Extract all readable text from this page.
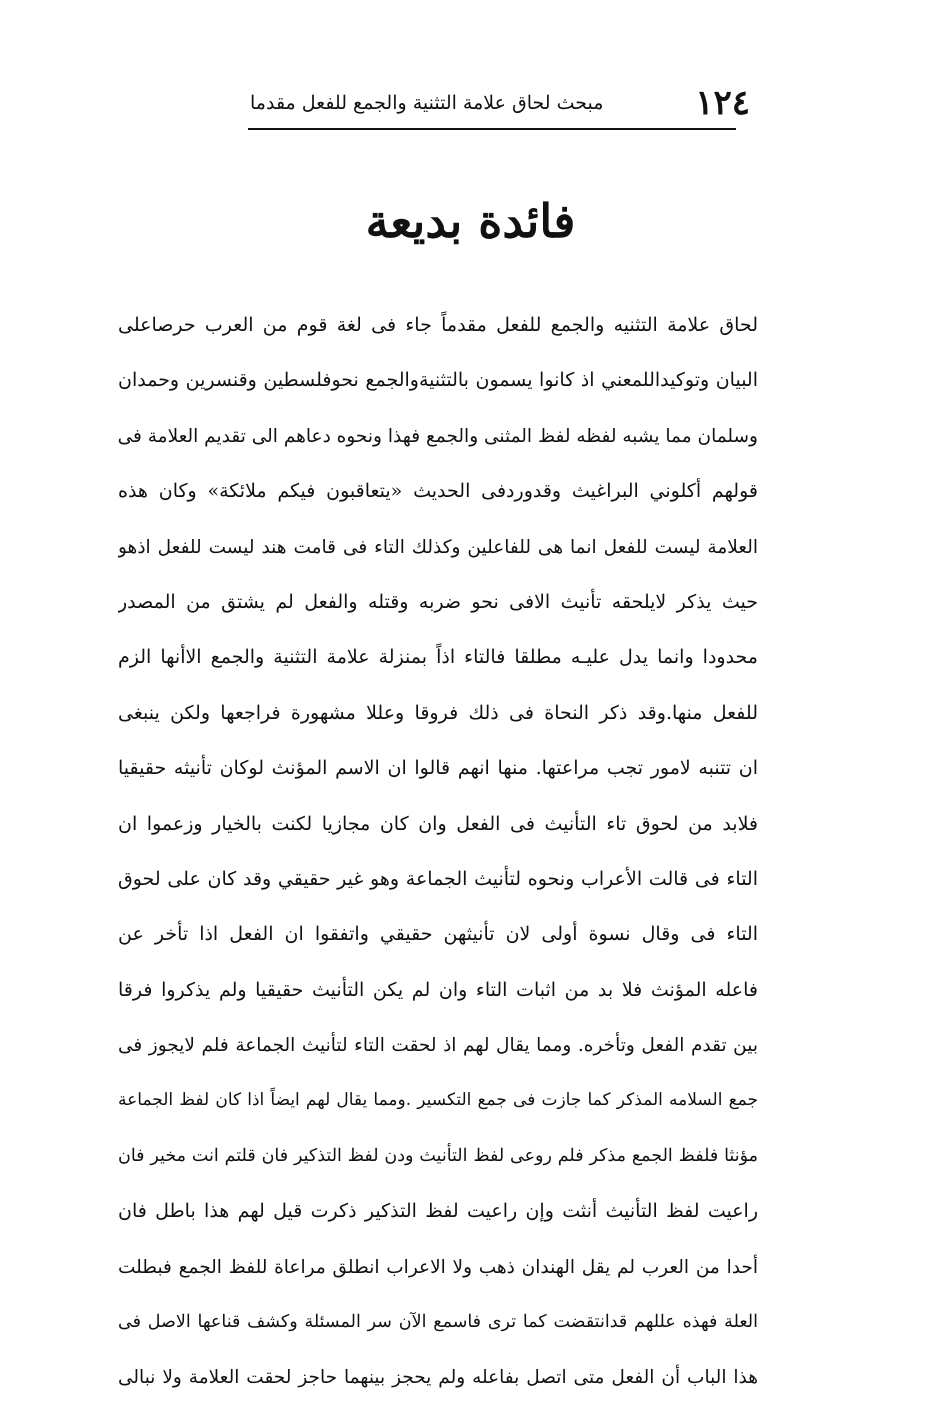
١٢٤
مبحث لحاق علامة التثنية والجمع للفعل مقدما
فائدة بديعة
لحاق علامة التثنيه والجمع للفعل مقدماً جاء فى لغة قوم من العرب حرصاعلى
البيان وتوكيداللمعني اذ كانوا يسمون بالتثنيةوالجمع نحوفلسطين وقنسرين وحمدان
وسلمان مما يشبه لفظه لفظ المثنى والجمع فهذا ونحوه دعاهم الى تقديم العلامة فى
قولهم أكلوني البراغيث وقدوردفى الحديث «يتعاقبون فيكم ملائكة» وكان هذه
العلامة ليست للفعل انما هى للفاعلين وكذلك التاء فى قامت هند ليست للفعل اذهو
حيث يذكر لايلحقه تأنيث الافى نحو ضربه وقتله والفعل لم يشتق من المصدر
محدودا وانما يدل عليـه مطلقا فالتاء اذاً بمنزلة علامة التثنية والجمع الاأنها الزم
للفعل منها.وقد ذكر النحاة فى ذلك فروقا وعللا مشهورة فراجعها ولكن ينبغى
ان تتنبه لامور تجب مراعتها. منها انهم قالوا ان الاسم المؤنث لوكان تأنيثه حقيقيا
فلابد من لحوق تاء التأنيث فى الفعل وان كان مجازيا لكنت بالخيار وزعموا ان
التاء فى قالت الأعراب ونحوه لتأنيث الجماعة وهو غير حقيقي وقد كان على لحوق
التاء فى وقال نسوة أولى لان تأنيثهن حقيقي واتفقوا ان الفعل اذا تأخر عن
فاعله المؤنث فلا بد من اثبات التاء وان لم يكن التأنيث حقيقيا ولم يذكروا فرقا
بين تقدم الفعل وتأخره. ومما يقال لهم اذ لحقت التاء لتأنيث الجماعة فلم لايجوز فى
جمع السلامه المذكر كما جازت فى جمع التكسير .ومما يقال لهم ايضاً اذا كان لفظ الجماعة
مؤنثا فلفظ الجمع مذكر فلم روعى لفظ التأنيث ودن لفظ التذكير فان قلتم انت مخير فان
راعيت لفظ التأنيث أنثت وإن راعيت لفظ التذكير ذكرت قيل لهم هذا باطل فان
أحدا من العرب لم يقل الهندان ذهب ولا الاعراب انطلق مراعاة للفظ الجمع فبطلت
العلة فهذه عللهم قدانتقضت كما ترى فاسمع الآن سر المسئلة وكشف قناعها الاصل فى
هذا الباب أن الفعل متى اتصل بفاعله ولم يحجز بينهما حاجز لحقت العلامة ولا نبالى
